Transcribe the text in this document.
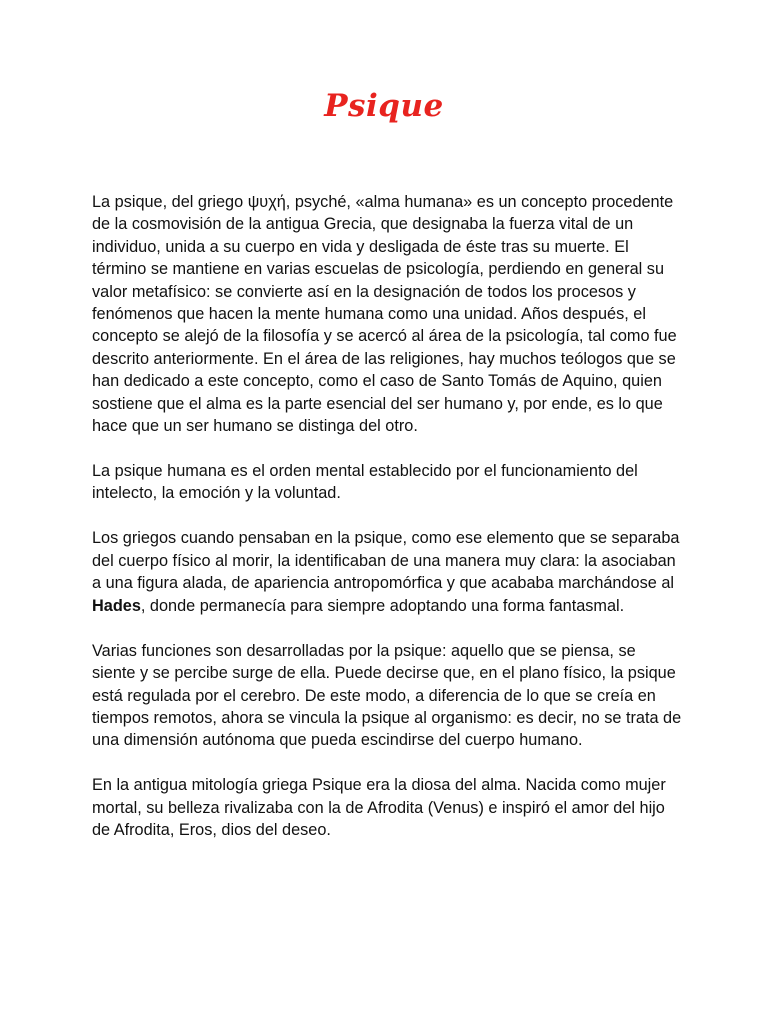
Psique

La psique, del griego ψυχή, psyché, «alma humana» es un concepto procedente de la cosmovisión de la antigua Grecia, que designaba la fuerza vital de un individuo, unida a su cuerpo en vida y desligada de éste tras su muerte. El término se mantiene en varias escuelas de psicología, perdiendo en general su valor metafísico: se convierte así en la designación de todos los procesos y fenómenos que hacen la mente humana como una unidad. Años después, el concepto se alejó de la filosofía y se acercó al área de la psicología, tal como fue descrito anteriormente. En el área de las religiones, hay muchos teólogos que se han dedicado a este concepto, como el caso de Santo Tomás de Aquino, quien sostiene que el alma es la parte esencial del ser humano y, por ende, es lo que hace que un ser humano se distinga del otro.

La psique humana es el orden mental establecido por el funcionamiento del intelecto, la emoción y la voluntad.

Los griegos cuando pensaban en la psique, como ese elemento que se separaba del cuerpo físico al morir, la identificaban de una manera muy clara: la asociaban a una figura alada, de apariencia antropomórfica y que acababa marchándose al Hades, donde permanecía para siempre adoptando una forma fantasmal.

Varias funciones son desarrolladas por la psique: aquello que se piensa, se siente y se percibe surge de ella. Puede decirse que, en el plano físico, la psique está regulada por el cerebro. De este modo, a diferencia de lo que se creía en tiempos remotos, ahora se vincula la psique al organismo: es decir, no se trata de una dimensión autónoma que pueda escindirse del cuerpo humano.

En la antigua mitología griega Psique era la diosa del alma. Nacida como mujer mortal, su belleza rivalizaba con la de Afrodita (Venus) e inspiró el amor del hijo de Afrodita, Eros, dios del deseo.
